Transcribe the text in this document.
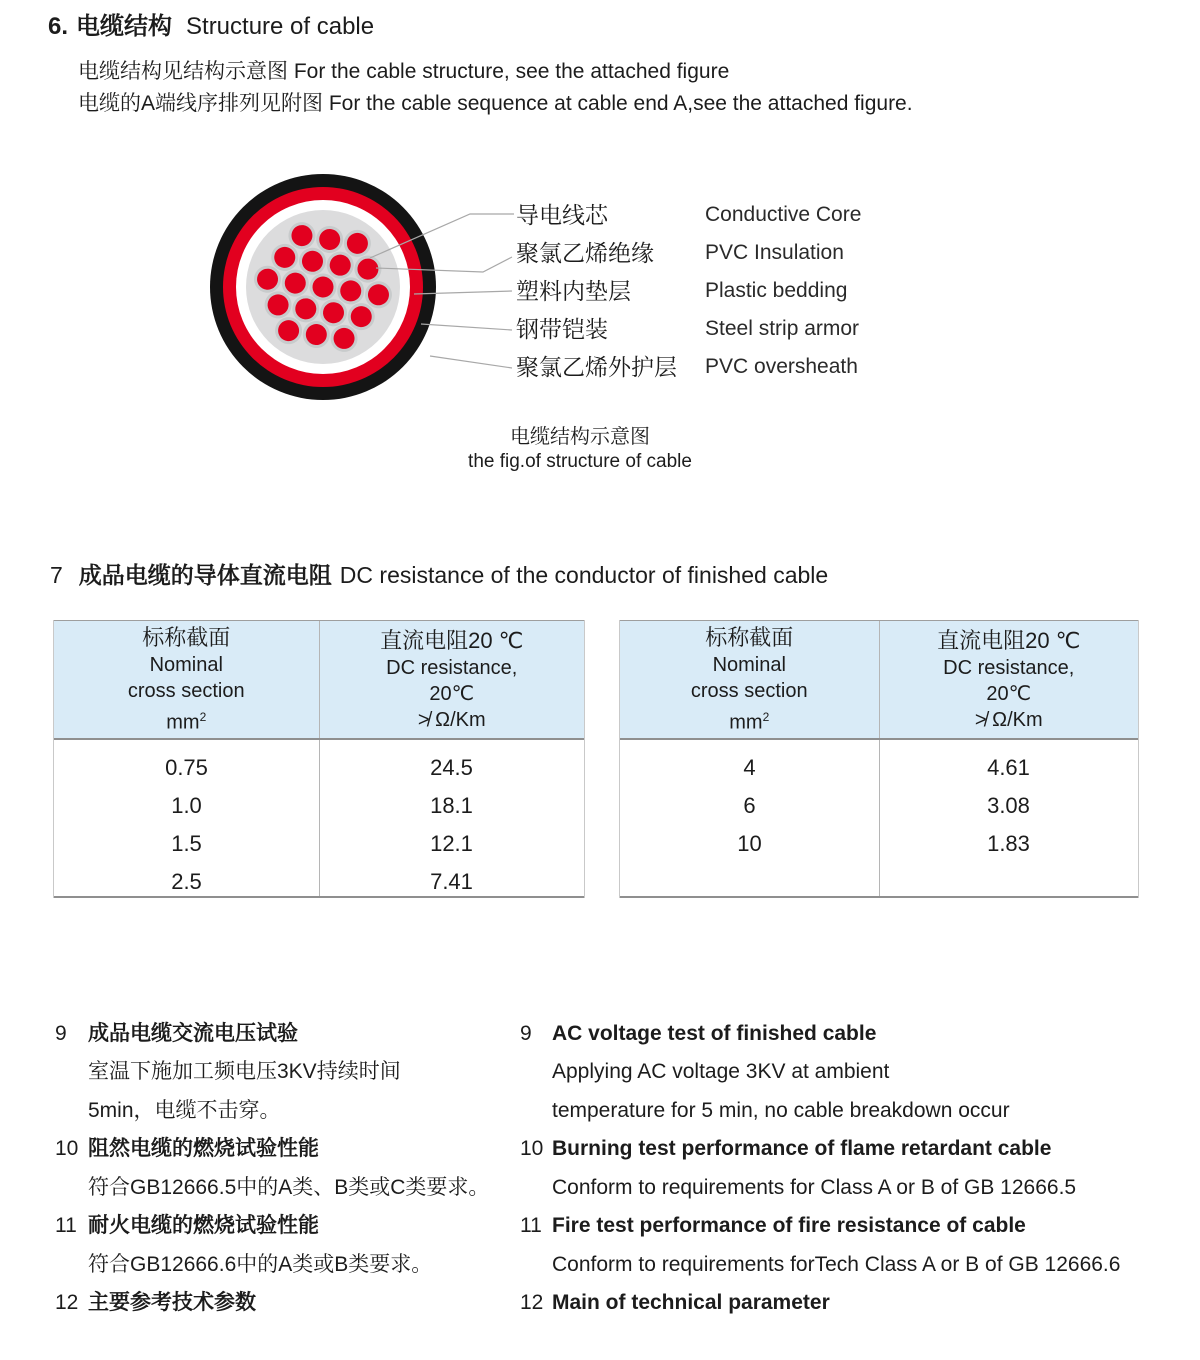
6. 电缆结构 Structure of cable
电缆结构见结构示意图 For the cable structure, see the attached figure
电缆的A端线序排列见附图 For the cable sequence at cable end A,see the attached figure.
导电线芯
聚氯乙烯绝缘
塑料内垫层
钢带铠装
聚氯乙烯外护层
Conductive Core
PVC Insulation
Plastic bedding
Steel strip armor
PVC oversheath
电缆结构示意图
the fig.of structure of cable
7 成品电缆的导体直流电阻 DC resistance of the conductor of finished cable
标称截面
Nominal
cross section
$mm^2$
直流电阻20 ℃
DC resistance,
20℃
≯ Ω/Km
0.75	24.5
1.0	18.1
1.5	12.1
2.5	7.41
标称截面
Nominal
cross section
$mm^2$
直流电阻20 ℃
DC resistance,
20℃
≯ Ω/Km
4	4.61
6	3.08
10	1.83
9 成品电缆交流电压试验
室温下施加工频电压3KV持续时间
5min，电缆不击穿。
10 阻然电缆的燃烧试验性能
符合GB12666.5中的A类、B类或C类要求。
11 耐火电缆的燃烧试验性能
符合GB12666.6中的A类或B类要求。
12 主要参考技术参数
9 AC voltage test of finished cable
Applying AC voltage 3KV at ambient
temperature for 5 min, no cable breakdown occur
10 Burning test performance of flame retardant cable
Conform to requirements for Class A or B of GB 12666.5
11 Fire test performance of fire resistance of cable
Conform to requirements forTech Class A or B of GB 12666.6
12 Main of technical parameter
